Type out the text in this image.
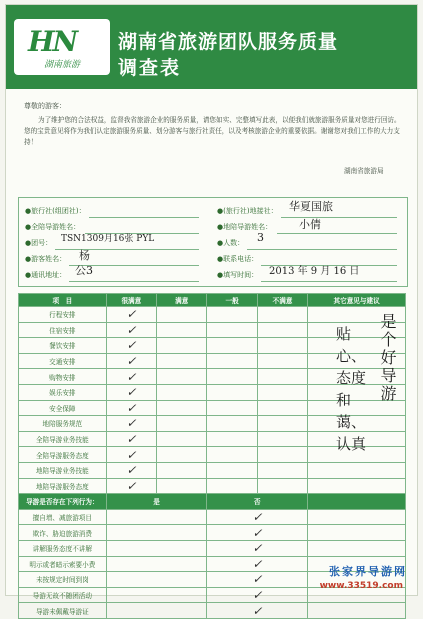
HN
湖南旅游
湖南省旅游团队服务质量
调查表
尊敬的游客：
为了维护您的合法权益，监督我省旅游企业的服务质量，请您如实、完整填写此表，以便我们就旅游服务质量对您进行回访。您的宝贵意见将作为我们认定旅游服务质量、划分游客与旅行社责任，以及考核旅游企业的重要依据。谢谢您对我们工作的大力支持！
湖南省旅游局
●旅行社(组团社)：	●(旅行社)地接社：	华夏国旅
●全陪导游姓名：	●地陪导游姓名：	小倩
●团号： TSN1309月16张 PYL	●人数：	3
●游客姓名：	杨	●联系电话：
●通讯地址： 公3	●填写时间：	2013 年 9 月 16 日
项　目	很满意	满意	一般	不满意	其它意见与建议
行程安排	✓				
住宿安排	✓				
餐饮安排	✓				
交通安排	✓				
购物安排	✓				
娱乐安排	✓				
安全保障	✓				
地陪服务规范	✓				
全陪导游业务技能	✓				
全陪导游服务态度	✓				
地陪导游业务技能	✓				
地陪导游服务态度	✓				
导游是否存在下列行为：	是		否		
擅自增、减旅游项目			✓		
欺诈、胁迫旅游消费			✓		
讲解服务态度不讲解			✓		
明示或者暗示索要小费			✓		
未按规定时间到岗			✓		
导游无故不随团活动			✓		
导游未佩戴导游证			✓		
是个好导游
贴心、态度和蔼、认真
张家界导游网
www.33519.com
